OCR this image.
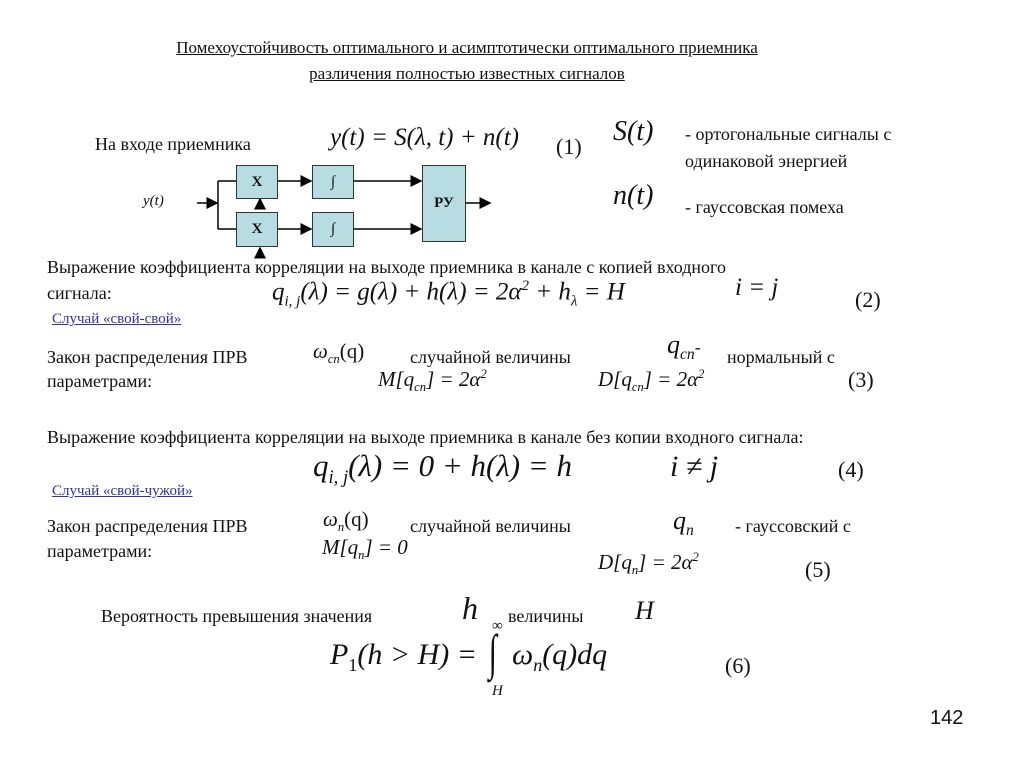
Помехоустойчивость оптимального и асимптотически оптимального приемника
различения полностью известных сигналов
На входе приемника	y(t) = S(λ, t) + n(t) (1) S(t) - ортогональные сигналы с
одинаковой энергией
n(t) - гауссовская помеха
y(t)
X
X
∫
∫
РУ
Выражение коэффициента корреляции на выходе приемника в канале с копией входного
сигнала:	$q_{i, j}(\lambda) = g(\lambda) + h(\lambda) = 2\alpha^2 + h_\lambda = H$	i = j	(2)
Случай «свой-свой»
Закон распределения ПРВ	$\omega_{сп}(q)$	случайной величины	$q_{сп}-$ нормальный с
параметрами:	$M[q_{сп}] = 2\alpha^2$	$D[q_{сп}] = 2\alpha^2$	(3)
Выражение коэффициента корреляции на выходе приемника в канале без копии входного сигнала:
$q_{i, j}(\lambda) = 0 + h(\lambda) = h$	i ≠ j	(4)
Случай «свой-чужой»
Закон распределения ПРВ	$\omega_n(q)$ случайной величины	$q_n$ - гауссовский с
параметрами:	$M[q_n] = 0$
$D[q_n] = 2\alpha^2$	(5)
Вероятность превышения значения	h величины H
$P_1(h > H)$ =
∞
∫
H
$\omega_n(q)dq$	(6)
142
